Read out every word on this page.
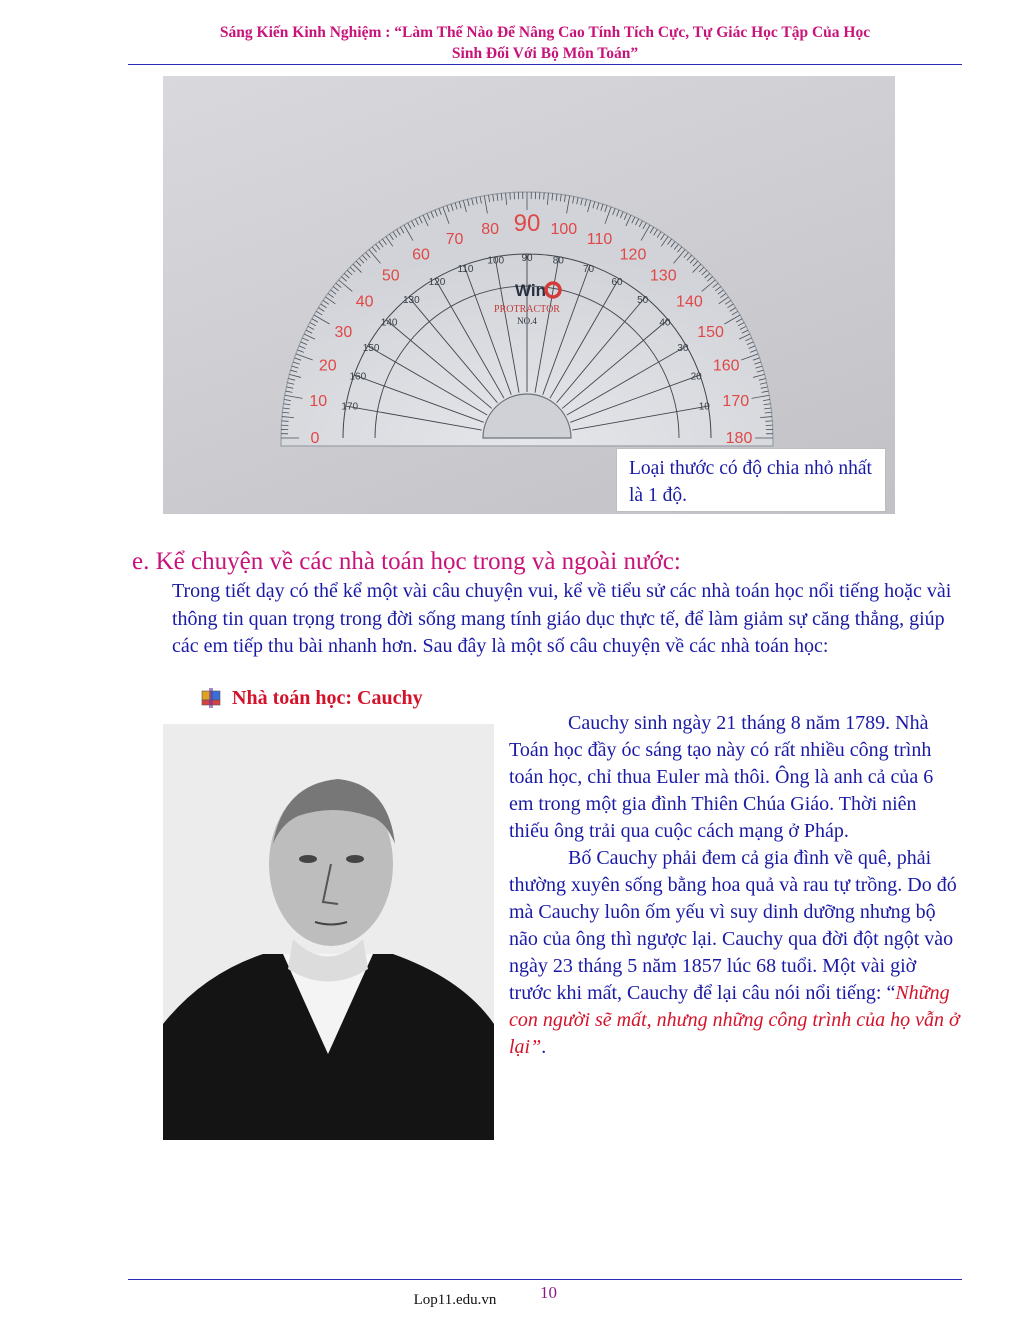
Sáng Kiến Kinh Nghiệm : “Làm Thế Nào Để Nâng Cao Tính Tích Cực, Tự Giác Học Tập Của Học
Sinh Đối Với Bộ Môn Toán”
0
10
20
30
40
50
60
70
80 90 100
110
120
130
140
150
160
170
180
170
160
150
140
130
120
110
100 90 80
70
60
50
40
30
20
10
Win
PROTRACTOR
NO.4
Loại thước có độ chia nhỏ nhất là 1 độ.
e. Kể chuyện về các nhà toán học trong và ngoài nước:

Trong tiết dạy có thể kể một vài câu chuyện vui, kể về tiểu sử các nhà toán học nổi tiếng hoặc vài thông tin quan trọng trong đời sống mang tính giáo dục thực tế, để làm giảm sự căng thẳng, giúp các em tiếp thu bài nhanh hơn. Sau đây là một số câu chuyện về các nhà toán học:

Nhà toán học: Cauchy

Cauchy sinh ngày 21 tháng 8 năm 1789. Nhà Toán học đầy óc sáng tạo này có rất nhiều công trình toán học, chỉ thua Euler mà thôi. Ông là anh cả của 6 em trong một gia đình Thiên Chúa Giáo. Thời niên thiếu ông trải qua cuộc cách mạng ở Pháp.

Bố Cauchy phải đem cả gia đình về quê, phải thường xuyên sống bằng hoa quả và rau tự trồng. Do đó mà Cauchy luôn ốm yếu vì suy dinh dưỡng nhưng bộ não của ông thì ngược lại. Cauchy qua đời đột ngột vào ngày 23 tháng 5 năm 1857 lúc 68 tuổi. Một vài giờ trước khi mất, Cauchy để lại câu nói nổi tiếng: “Những con người sẽ mất, nhưng những công trình của họ vẫn ở lại”.

10
Lop11.edu.vn
